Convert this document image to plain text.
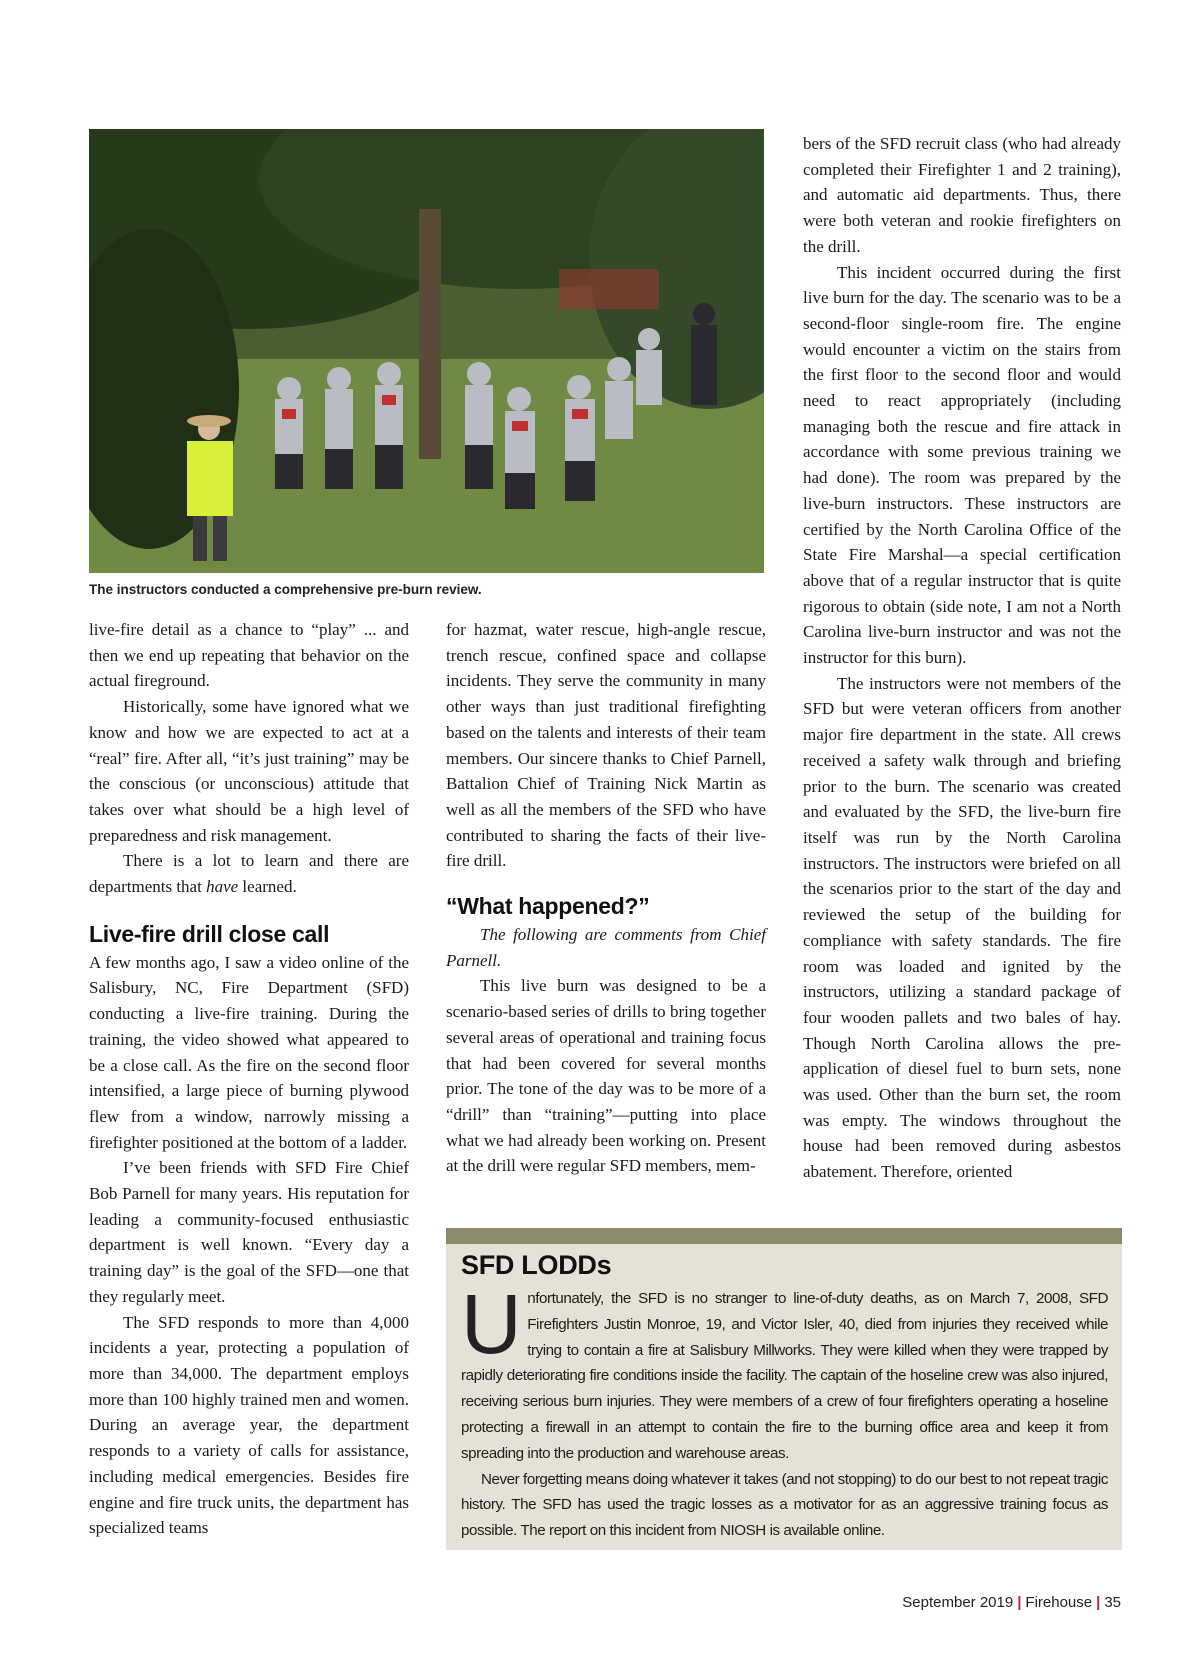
The instructors conducted a comprehensive pre-burn review.

live-fire detail as a chance to “play” ... and then we end up repeating that behavior on the actual fireground.

Historically, some have ignored what we know and how we are expected to act at a “real” fire. After all, “it’s just training” may be the conscious (or unconscious) attitude that takes over what should be a high level of preparedness and risk management.

There is a lot to learn and there are departments that have learned.

Live-fire drill close call

A few months ago, I saw a video online of the Salisbury, NC, Fire Department (SFD) conducting a live-fire training. During the training, the video showed what appeared to be a close call. As the fire on the second floor intensified, a large piece of burning plywood flew from a window, narrowly missing a firefighter positioned at the bottom of a ladder.

I’ve been friends with SFD Fire Chief Bob Parnell for many years. His reputation for leading a community-focused enthusiastic department is well known. “Every day a training day” is the goal of the SFD—one that they regularly meet.

The SFD responds to more than 4,000 incidents a year, protecting a population of more than 34,000. The department employs more than 100 highly trained men and women. During an average year, the department responds to a variety of calls for assistance, including medical emergencies. Besides fire engine and fire truck units, the department has specialized teams

for hazmat, water rescue, high-angle rescue, trench rescue, confined space and collapse incidents. They serve the community in many other ways than just traditional firefighting based on the talents and interests of their team members. Our sincere thanks to Chief Parnell, Battalion Chief of Training Nick Martin as well as all the members of the SFD who have contributed to sharing the facts of their live-fire drill.

“What happened?”

The following are comments from Chief Parnell.

This live burn was designed to be a scenario-based series of drills to bring together several areas of operational and training focus that had been covered for several months prior. The tone of the day was to be more of a “drill” than “training”—putting into place what we had already been working on. Present at the drill were regular SFD members, mem-

bers of the SFD recruit class (who had already completed their Firefighter 1 and 2 training), and automatic aid departments. Thus, there were both veteran and rookie firefighters on the drill.

This incident occurred during the first live burn for the day. The scenario was to be a second-floor single-room fire. The engine would encounter a victim on the stairs from the first floor to the second floor and would need to react appropriately (including managing both the rescue and fire attack in accordance with some previous training we had done). The room was prepared by the live-burn instructors. These instructors are certified by the North Carolina Office of the State Fire Marshal—a special certification above that of a regular instructor that is quite rigorous to obtain (side note, I am not a North Carolina live-burn instructor and was not the instructor for this burn).

The instructors were not members of the SFD but were veteran officers from another major fire department in the state. All crews received a safety walk through and briefing prior to the burn. The scenario was created and evaluated by the SFD, the live-burn fire itself was run by the North Carolina instructors. The instructors were briefed on all the scenarios prior to the start of the day and reviewed the setup of the building for compliance with safety standards. The fire room was loaded and ignited by the instructors, utilizing a standard package of four wooden pallets and two bales of hay. Though North Carolina allows the pre-application of diesel fuel to burn sets, none was used. Other than the burn set, the room was empty. The windows throughout the house had been removed during asbestos abatement. Therefore, oriented

SFD LODDs

Unfortunately, the SFD is no stranger to line-of-duty deaths, as on March 7, 2008, SFD Firefighters Justin Monroe, 19, and Victor Isler, 40, died from injuries they received while trying to contain a fire at Salisbury Millworks. They were killed when they were trapped by rapidly deteriorating fire conditions inside the facility. The captain of the hoseline crew was also injured, receiving serious burn injuries. They were members of a crew of four firefighters operating a hoseline protecting a firewall in an attempt to contain the fire to the burning office area and keep it from spreading into the production and warehouse areas.

Never forgetting means doing whatever it takes (and not stopping) to do our best to not repeat tragic history. The SFD has used the tragic losses as a motivator for as an aggressive training focus as possible. The report on this incident from NIOSH is available online.

September 2019 | Firehouse | 35
